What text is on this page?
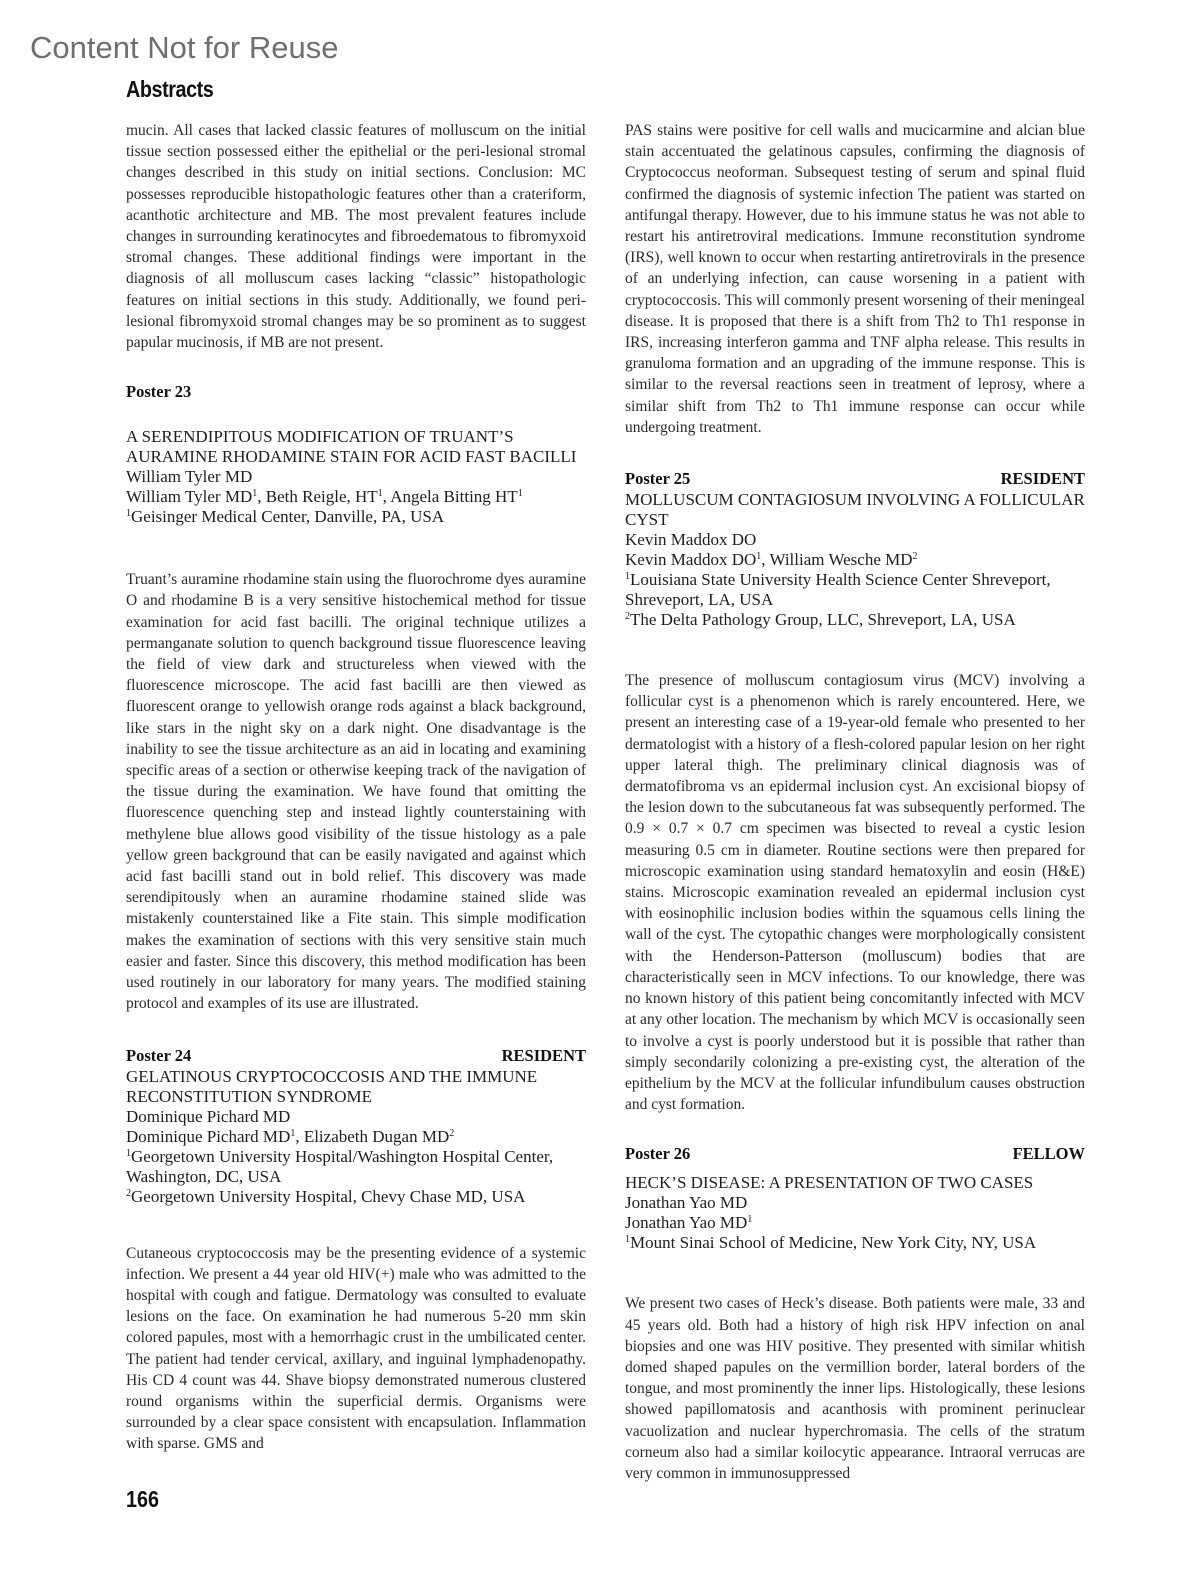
Content Not for Reuse
Abstracts

mucin. All cases that lacked classic features of molluscum on the initial tissue section possessed either the epithelial or the peri-lesional stromal changes described in this study on initial sections. Conclusion: MC possesses reproducible histopathologic features other than a crateriform, acanthotic architecture and MB. The most prevalent features include changes in surrounding keratinocytes and fibroedematous to fibromyxoid stromal changes. These additional findings were important in the diagnosis of all molluscum cases lacking “classic” histopathologic features on initial sections in this study. Additionally, we found peri-lesional fibromyxoid stromal changes may be so prominent as to suggest papular mucinosis, if MB are not present.

Poster 23
A SERENDIPITOUS MODIFICATION OF TRUANT’S AURAMINE RHODAMINE STAIN FOR ACID FAST BACILLI
William Tyler MD
William Tyler $MD^1$, Beth Reigle, $HT^1$, Angela Bitting $HT^1$
$^1$Geisinger Medical Center, Danville, PA, USA

Truant’s auramine rhodamine stain using the fluorochrome dyes auramine O and rhodamine B is a very sensitive histochemical method for tissue examination for acid fast bacilli. The original technique utilizes a permanganate solution to quench background tissue fluorescence leaving the field of view dark and structureless when viewed with the fluorescence microscope. The acid fast bacilli are then viewed as fluorescent orange to yellowish orange rods against a black background, like stars in the night sky on a dark night. One disadvantage is the inability to see the tissue architecture as an aid in locating and examining specific areas of a section or otherwise keeping track of the navigation of the tissue during the examination. We have found that omitting the fluorescence quenching step and instead lightly counterstaining with methylene blue allows good visibility of the tissue histology as a pale yellow green background that can be easily navigated and against which acid fast bacilli stand out in bold relief. This discovery was made serendipitously when an auramine rhodamine stained slide was mistakenly counterstained like a Fite stain. This simple modification makes the examination of sections with this very sensitive stain much easier and faster. Since this discovery, this method modification has been used routinely in our laboratory for many years. The modified staining protocol and examples of its use are illustrated.

Poster 24	RESIDENT
GELATINOUS CRYPTOCOCCOSIS AND THE IMMUNE RECONSTITUTION SYNDROME
Dominique Pichard MD
Dominique Pichard $MD^1$, Elizabeth Dugan $MD^2$
$^1$Georgetown University Hospital/Washington Hospital Center, Washington, DC, USA
$^2$Georgetown University Hospital, Chevy Chase MD, USA

Cutaneous cryptococcosis may be the presenting evidence of a systemic infection. We present a 44 year old HIV(+) male who was admitted to the hospital with cough and fatigue. Dermatology was consulted to evaluate lesions on the face. On examination he had numerous 5-20 mm skin colored papules, most with a hemorrhagic crust in the umbilicated center. The patient had tender cervical, axillary, and inguinal lymphadenopathy. His CD 4 count was 44. Shave biopsy demonstrated numerous clustered round organisms within the superficial dermis. Organisms were surrounded by a clear space consistent with encapsulation. Inflammation with sparse. GMS and

PAS stains were positive for cell walls and mucicarmine and alcian blue stain accentuated the gelatinous capsules, confirming the diagnosis of Cryptococcus neoforman. Subsequest testing of serum and spinal fluid confirmed the diagnosis of systemic infection The patient was started on antifungal therapy. However, due to his immune status he was not able to restart his antiretroviral medications. Immune reconstitution syndrome (IRS), well known to occur when restarting antiretrovirals in the presence of an underlying infection, can cause worsening in a patient with cryptococcosis. This will commonly present worsening of their meningeal disease. It is proposed that there is a shift from Th2 to Th1 response in IRS, increasing interferon gamma and TNF alpha release. This results in granuloma formation and an upgrading of the immune response. This is similar to the reversal reactions seen in treatment of leprosy, where a similar shift from Th2 to Th1 immune response can occur while undergoing treatment.

Poster 25	RESIDENT
MOLLUSCUM CONTAGIOSUM INVOLVING A FOLLICULAR CYST
Kevin Maddox DO
Kevin Maddox $DO^1$, William Wesche $MD^2$
$^1$Louisiana State University Health Science Center Shreveport, Shreveport, LA, USA
$^2$The Delta Pathology Group, LLC, Shreveport, LA, USA

The presence of molluscum contagiosum virus (MCV) involving a follicular cyst is a phenomenon which is rarely encountered. Here, we present an interesting case of a 19-year-old female who presented to her dermatologist with a history of a flesh-colored papular lesion on her right upper lateral thigh. The preliminary clinical diagnosis was of dermatofibroma vs an epidermal inclusion cyst. An excisional biopsy of the lesion down to the subcutaneous fat was subsequently performed. The 0.9 × 0.7 × 0.7 cm specimen was bisected to reveal a cystic lesion measuring 0.5 cm in diameter. Routine sections were then prepared for microscopic examination using standard hematoxylin and eosin (H&E) stains. Microscopic examination revealed an epidermal inclusion cyst with eosinophilic inclusion bodies within the squamous cells lining the wall of the cyst. The cytopathic changes were morphologically consistent with the Henderson-Patterson (molluscum) bodies that are characteristically seen in MCV infections. To our knowledge, there was no known history of this patient being concomitantly infected with MCV at any other location. The mechanism by which MCV is occasionally seen to involve a cyst is poorly understood but it is possible that rather than simply secondarily colonizing a pre-existing cyst, the alteration of the epithelium by the MCV at the follicular infundibulum causes obstruction and cyst formation.

Poster 26	FELLOW
HECK’S DISEASE: A PRESENTATION OF TWO CASES
Jonathan Yao MD
Jonathan Yao $MD^1$
$^1$Mount Sinai School of Medicine, New York City, NY, USA

We present two cases of Heck’s disease. Both patients were male, 33 and 45 years old. Both had a history of high risk HPV infection on anal biopsies and one was HIV positive. They presented with similar whitish domed shaped papules on the vermillion border, lateral borders of the tongue, and most prominently the inner lips. Histologically, these lesions showed papillomatosis and acanthosis with prominent perinuclear vacuolization and nuclear hyperchromasia. The cells of the stratum corneum also had a similar koilocytic appearance. Intraoral verrucas are very common in immunosuppressed

166
